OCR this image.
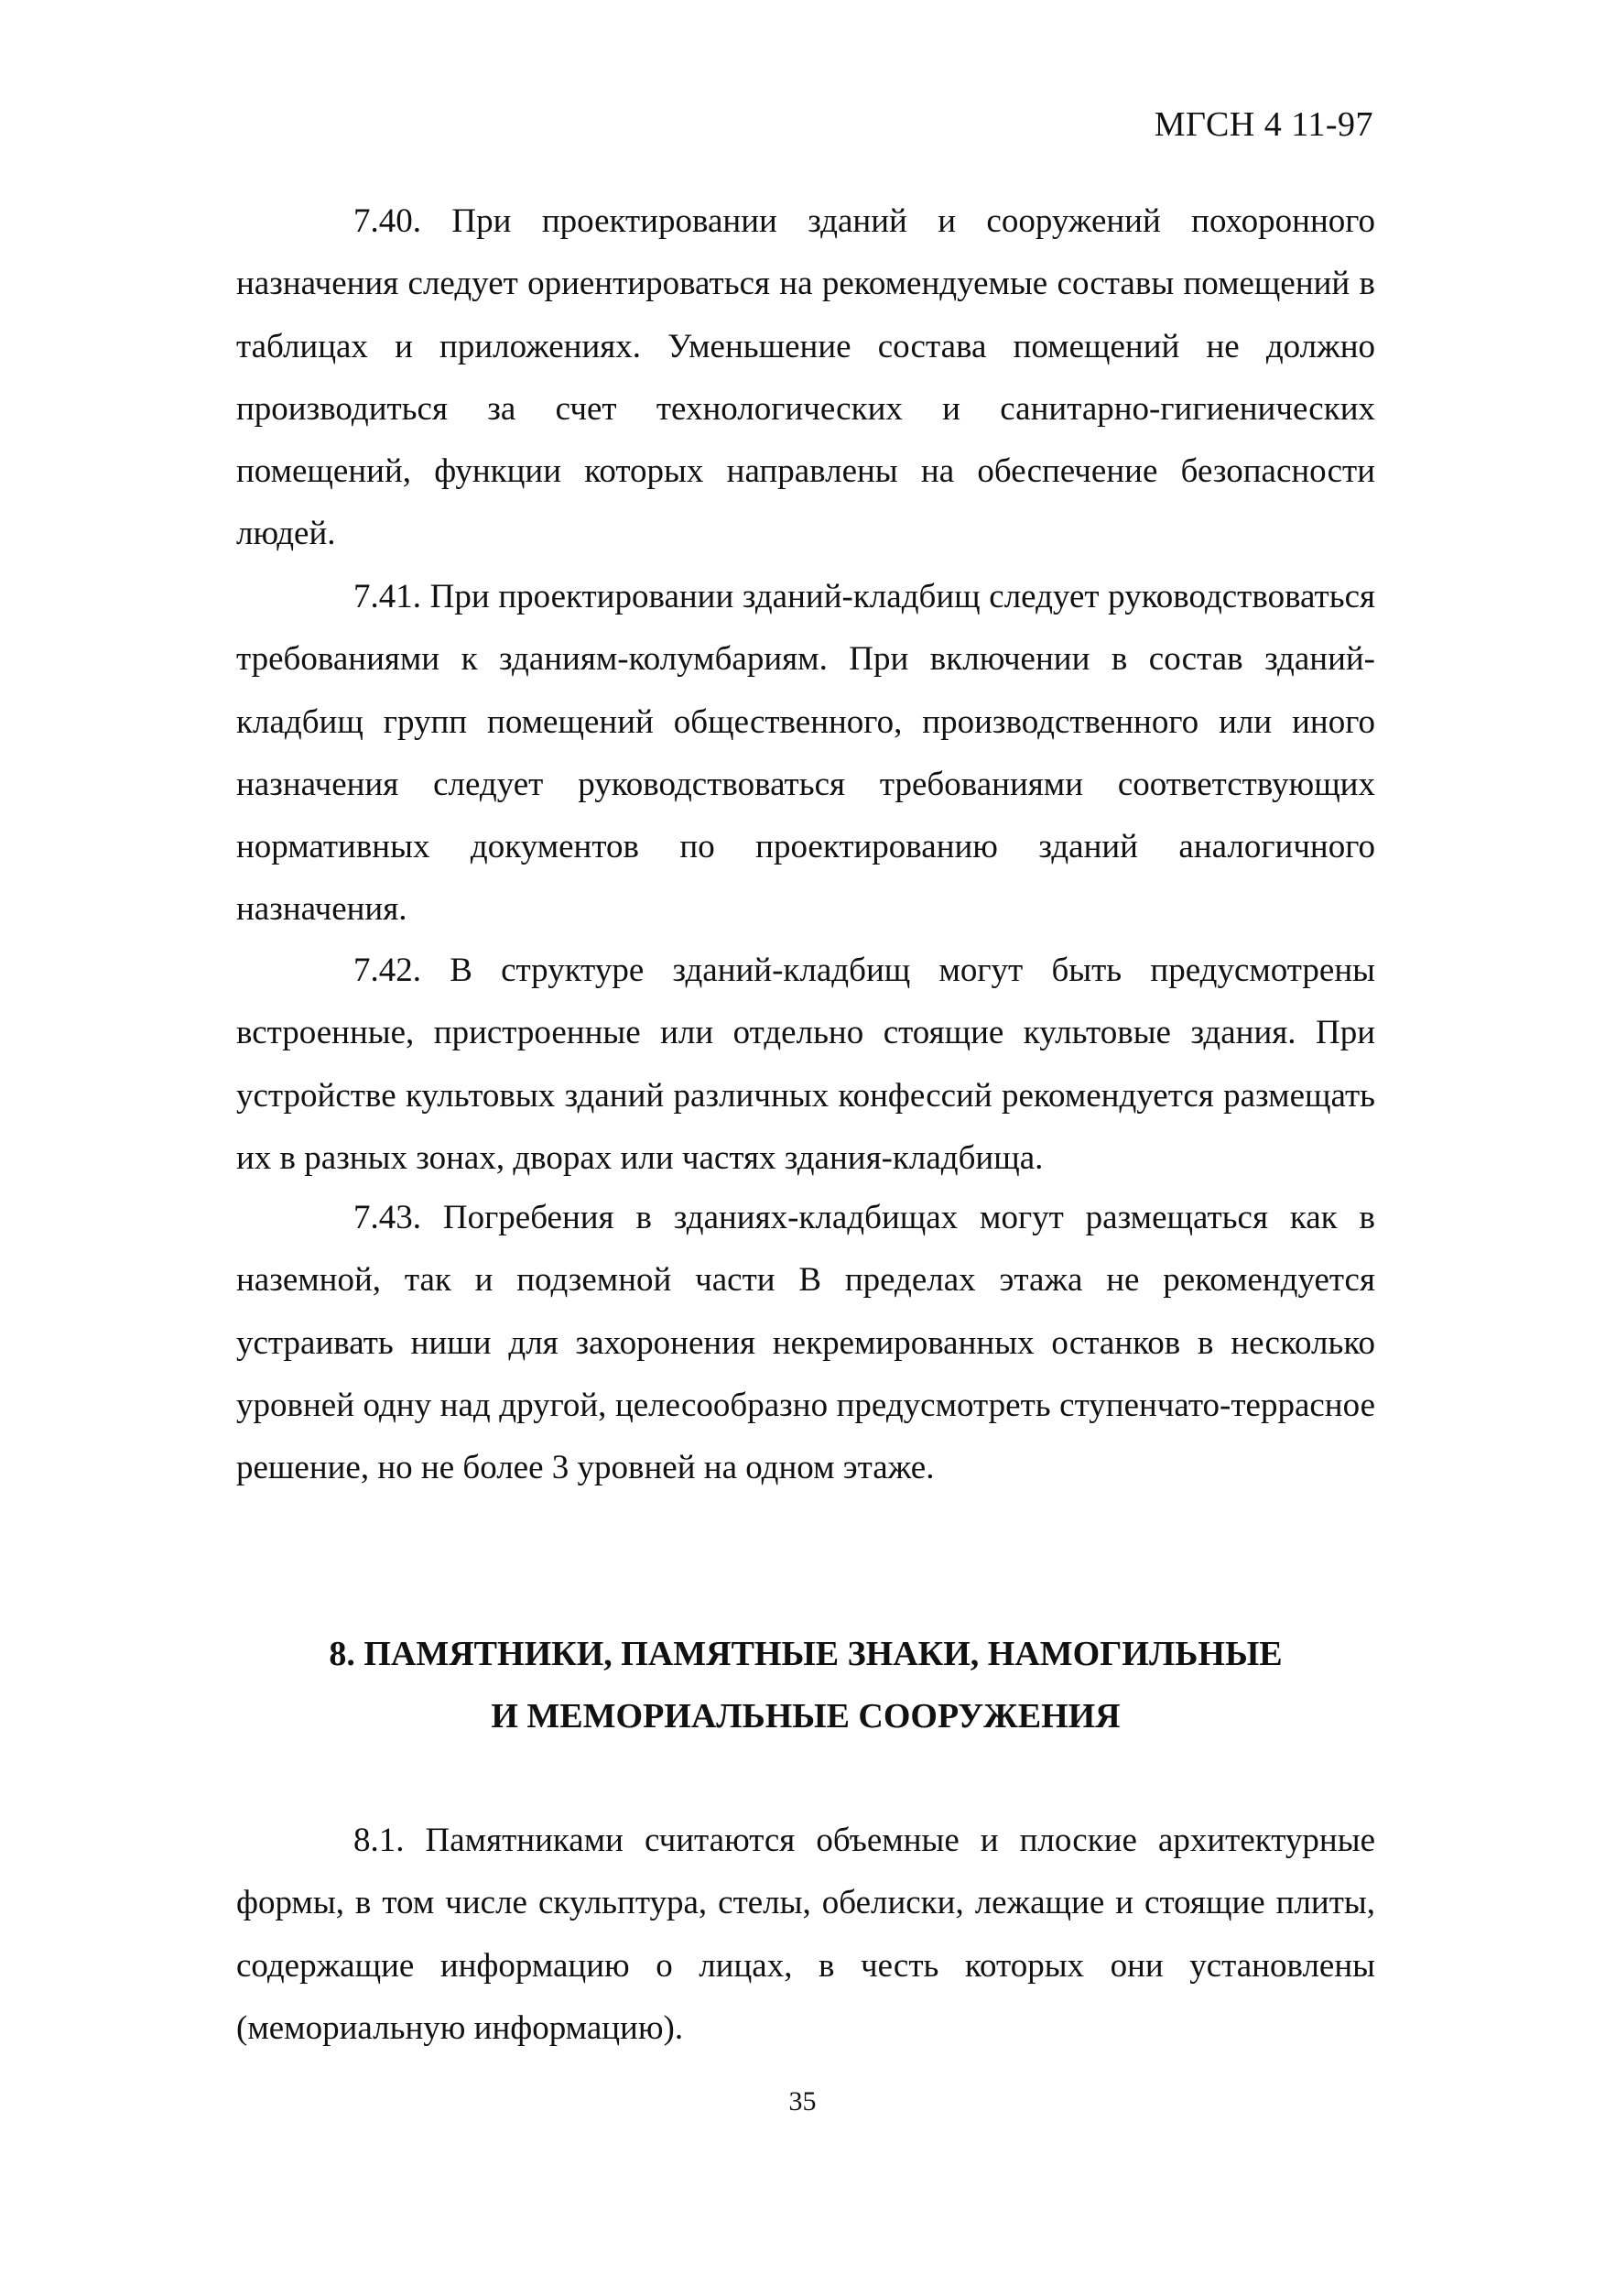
МГСН 4 11-97

7.40. При проектировании зданий и сооружений похоронного назначения следует ориентироваться на рекомендуемые составы помещений в таблицах и приложениях. Уменьшение состава помещений не должно производиться за счет технологических и санитарно-гигиенических помещений, функции которых направлены на обеспечение безопасности людей.

7.41. При проектировании зданий-кладбищ следует руководствоваться требованиями к зданиям-колумбариям. При включении в состав зданий-кладбищ групп помещений общественного, производственного или иного назначения следует руководствоваться требованиями соответствующих нормативных документов по проектированию зданий аналогичного назначения.

7.42. В структуре зданий-кладбищ могут быть предусмотрены встроенные, пристроенные или отдельно стоящие культовые здания. При устройстве культовых зданий различных конфессий рекомендуется размещать их в разных зонах, дворах или частях здания-кладбища.

7.43. Погребения в зданиях-кладбищах могут размещаться как в наземной, так и подземной части В пределах этажа не рекомендуется устраивать ниши для захоронения некремированных останков в несколько уровней одну над другой, целесообразно предусмотреть ступенчато-террасное решение, но не более 3 уровней на одном этаже.

8. ПАМЯТНИКИ, ПАМЯТНЫЕ ЗНАКИ, НАМОГИЛЬНЫЕ
И МЕМОРИАЛЬНЫЕ СООРУЖЕНИЯ

8.1. Памятниками считаются объемные и плоские архитектурные формы, в том числе скульптура, стелы, обелиски, лежащие и стоящие плиты, содержащие информацию о лицах, в честь которых они установлены (мемориальную информацию).

35
